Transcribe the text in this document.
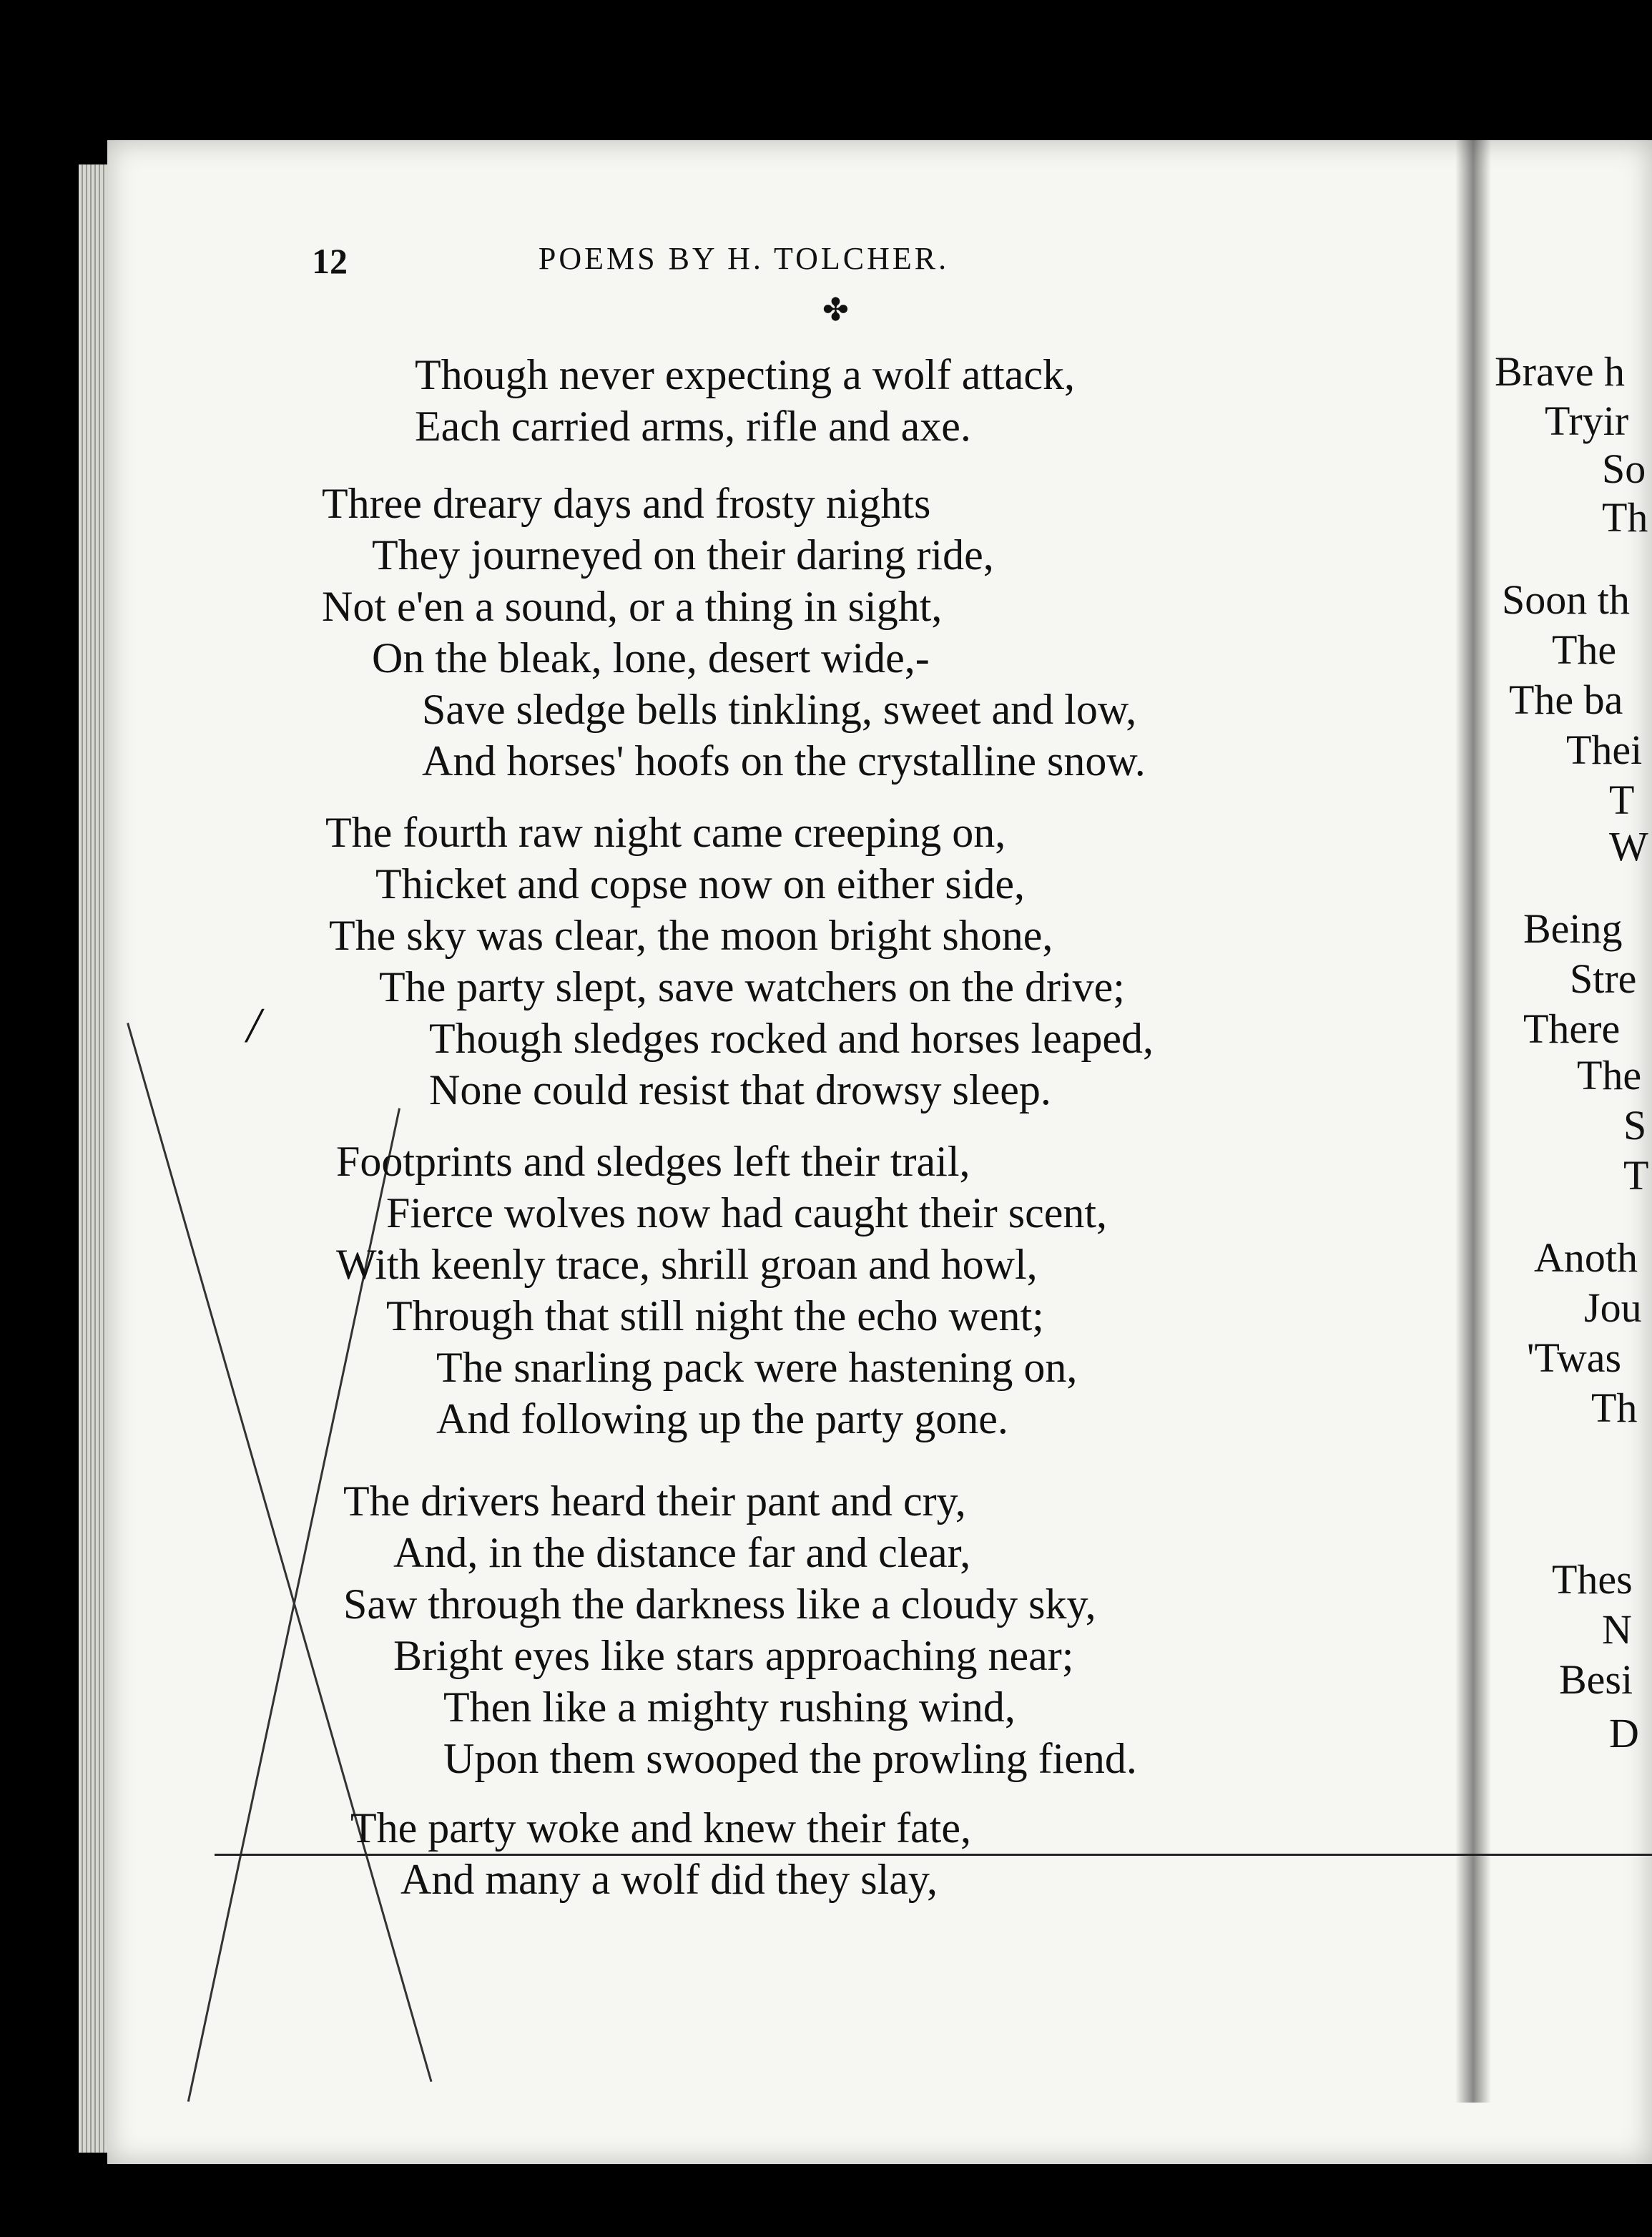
/
12	POEMS BY H. TOLCHER.
✤
Though never expecting a wolf attack,
Each carried arms, rifle and axe.
Three dreary days and frosty nights
They journeyed on their daring ride,
Not e'en a sound, or a thing in sight,
On the bleak, lone, desert wide,-
Save sledge bells tinkling, sweet and low,
And horses' hoofs on the crystalline snow.
The fourth raw night came creeping on,
Thicket and copse now on either side,
The sky was clear, the moon bright shone,
The party slept, save watchers on the drive;
Though sledges rocked and horses leaped,
None could resist that drowsy sleep.
Footprints and sledges left their trail,
Fierce wolves now had caught their scent,
With keenly trace, shrill groan and howl,
Through that still night the echo went;
The snarling pack were hastening on,
And following up the party gone.
The drivers heard their pant and cry,
And, in the distance far and clear,
Saw through the darkness like a cloudy sky,
Bright eyes like stars approaching near;
Then like a mighty rushing wind,
Upon them swooped the prowling fiend.
The party woke and knew their fate,
And many a wolf did they slay,
Brave h
Tryir
So
Th
Soon th
The
The ba
Thei
T
W
Being
Stre
There
The
S
T
Anoth
Jou
'Twas
Th
Thes
N
Besi
D
